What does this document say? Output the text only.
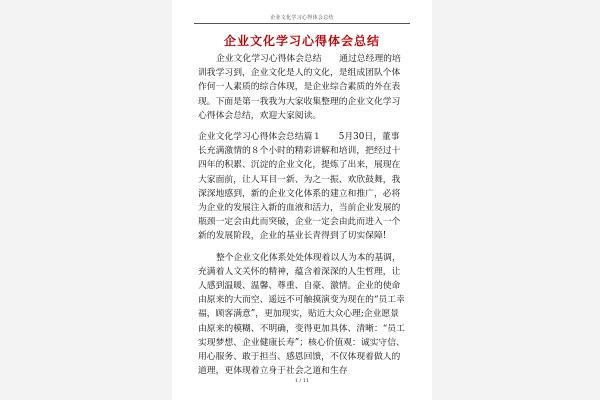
企业文化学习心得体会总结
企业文化学习心得体会总结

企业文化学习心得体会总结　　通过总经理的培训我学习到，企业文化是人的文化，是组成团队个体作何一人素质的综合体现，是企业综合素质的外在表现。下面是第一我我为大家收集整理的企业文化学习心得体会总结，欢迎大家阅读。

企业文化学习心得体会总结篇１　　5月30日，董事长充满激情的８个小时的精彩讲解和培训，把经过十四年的积累、沉淀的企业文化，提炼了出来，展现在大家面前，让人耳目一新、为之一振、欢欣鼓舞，我深深地感到，新的企业文化体系的建立和推广，必将为企业的发展注入新的血液和活力，当前企业发展的瓶颈一定会由此而突破，企业一定会由此而进入一个新的发展阶段，企业的基业长青得到了切实保障!

整个企业文化体系处处体现着以人为本的基调，充满着人文关怀的精神，蕴含着深深的人生哲理，让人感到温暖、温馨、尊重、自豪、激情。企业的使命由原来的大而空、遥远不可触摸演变为现在的“员工幸福，顾客满意”，更加现实，贴近大众心理;企业愿景由原来的模糊、不明确，变得更加具体、清晰：“员工实现梦想、企业健康长寿”；核心价值观：诚实守信、用心服务、敢于担当、感恩回馈，不仅体现着做人的道理，更体现着立身于社会之道和生存

1 / 11
